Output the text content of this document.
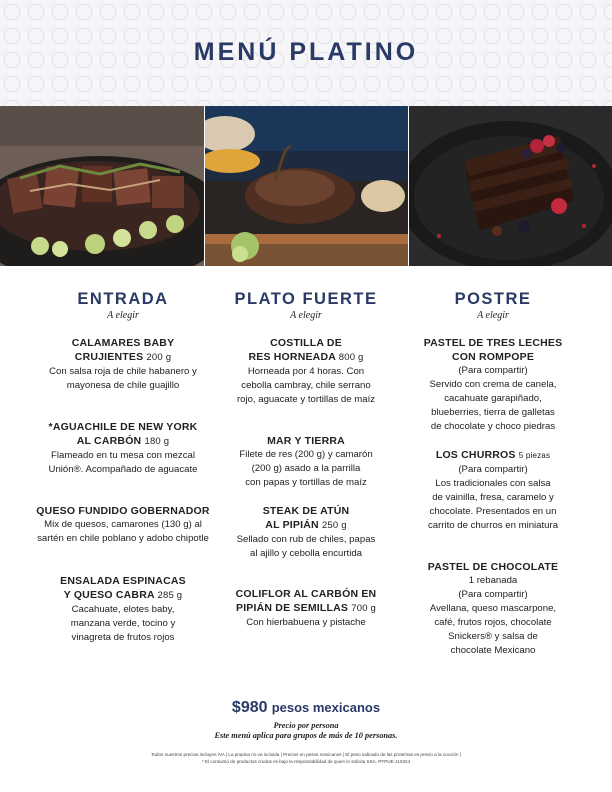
MENÚ PLATINO
ENTRADA
A elegir
PLATO FUERTE
A elegir
POSTRE
A elegir
CALAMARES BABY
CRUJIENTES 200 g
Con salsa roja de chile habanero y
mayonesa de chile guajillo
*AGUACHILE DE NEW YORK
AL CARBÓN 180 g
Flameado en tu mesa con mezcal
Unión®. Acompañado de aguacate
QUESO FUNDIDO GOBERNADOR
Mix de quesos, camarones (130 g) al
sartén en chile poblano y adobo chipotle
ENSALADA ESPINACAS
Y QUESO CABRA 285 g
Cacahuate, elotes baby,
manzana verde, tocino y
vinagreta de frutos rojos
COSTILLA DE
RES HORNEADA 800 g
Horneada por 4 horas. Con
cebolla cambray, chile serrano
rojo, aguacate y tortillas de maíz
MAR Y TIERRA
Filete de res (200 g) y camarón
(200 g) asado a la parrilla
con papas y tortillas de maíz
STEAK DE ATÚN
AL PIPIÁN 250 g
Sellado con rub de chiles, papas
al ajillo y cebolla encurtida
COLIFLOR AL CARBÓN EN
PIPIÁN DE SEMILLAS 700 g
Con hierbabuena y pistache
PASTEL DE TRES LECHES
CON ROMPOPE
(Para compartir)
Servido con crema de canela,
cacahuate garapiñado,
blueberries, tierra de galletas
de chocolate y choco piedras
LOS CHURROS 5 piezas
(Para compartir)
Los tradicionales con salsa
de vainilla, fresa, caramelo y
chocolate. Presentados en un
carrito de churros en miniatura
PASTEL DE CHOCOLATE
1 rebanada
(Para compartir)
Avellana, queso mascarpone,
café, frutos rojos, chocolate
Snickers® y salsa de
chocolate Mexicano
$980 pesos mexicanos
Precio por persona
Este menú aplica para grupos de más de 10 personas.
Todos nuestros precios incluyen IVA | La propina no va incluida | Precios en pesos mexicanos | El peso indicado de las proteínas es previo a la cocción |
* El consumo de productos crudos es bajo la responsabilidad de quien lo solicita SSA. PFPUE-110324
